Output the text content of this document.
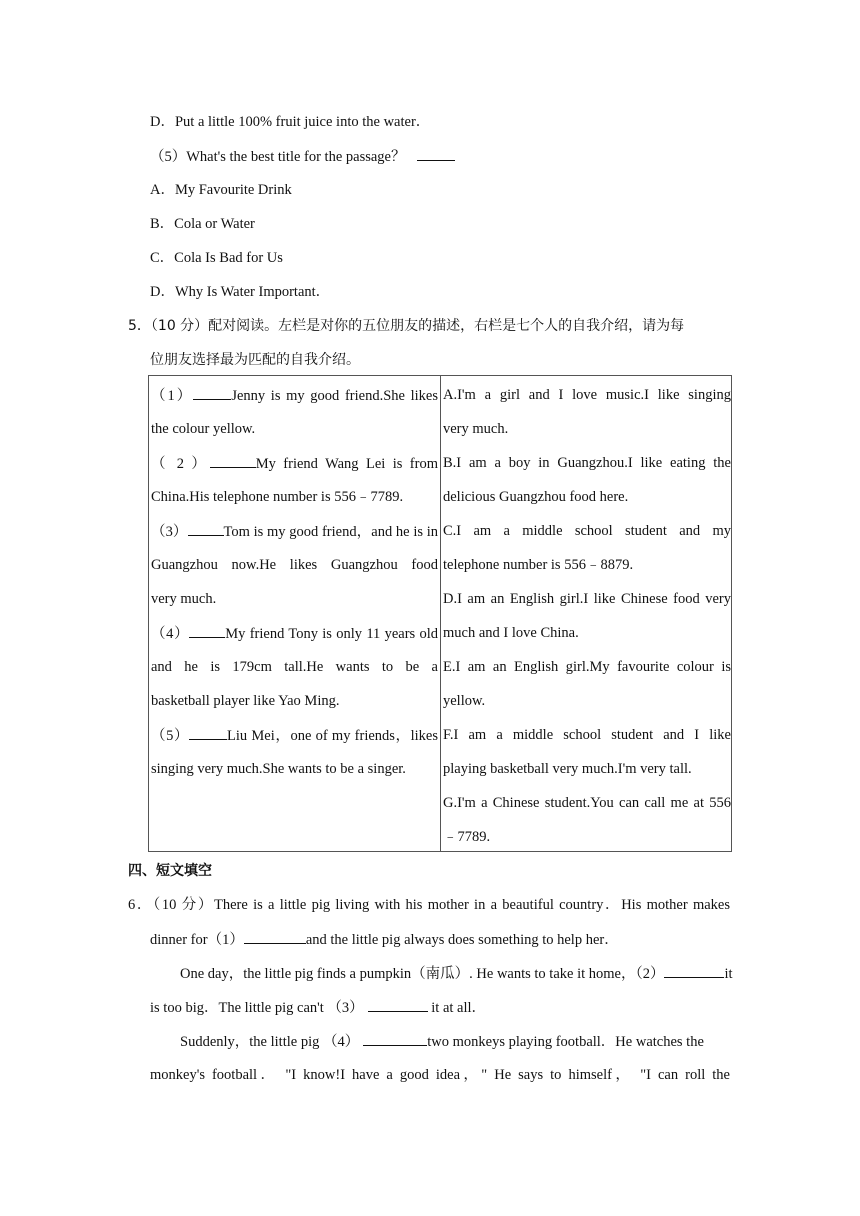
D．Put a little 100% fruit juice into the water．
（5）What's the best title for the passage？
A．My Favourite Drink
B．Cola or Water
C．Cola Is Bad for Us
D．Why Is Water Important．
5．（10 分）配对阅读。左栏是对你的五位朋友的描述，右栏是七个人的自我介绍，请为每
位朋友选择最为匹配的自我介绍。
（1）	Jenny is my good friend.She likes
the colour yellow.
（ 2 ）	My friend Wang Lei is from
China.His telephone number is 556﹣7789.
（3） Tom is my good friend，and he is in
Guangzhou now.He likes Guangzhou food
very much.
（4） My friend Tony is only 11 years old
and he is 179cm tall.He wants to be a
basketball player like Yao Ming.
（5）	Liu Mei，one of my friends，likes
singing very much.She wants to be a singer.
A.I'm a girl and I love music.I like singing
very much.
B.I am a boy in Guangzhou.I like eating the
delicious Guangzhou food here.
C.I am a middle school student and my
telephone number is 556﹣8879.
D.I am an English girl.I like Chinese food very
much and I love China.
E.I am an English girl.My favourite colour is
yellow.
F.I am a middle school student and I like
playing basketball very much.I'm very tall.
G.I'm a Chinese student.You can call me at 556
﹣7789.
四、短文填空
6．（10 分）There is a little pig living with his mother in a beautiful country．His mother makes
dinner for（1）	and the little pig always does something to help her．
One day，the little pig finds a pumpkin（南瓜）. He wants to take it home，（2）	it
is too big．The little pig can't （3）	it at all．
Suddenly，the little pig （4）	two monkeys playing football．He watches the
monkey's football． "I know!I have a good idea，" He says to himself， "I can roll the
